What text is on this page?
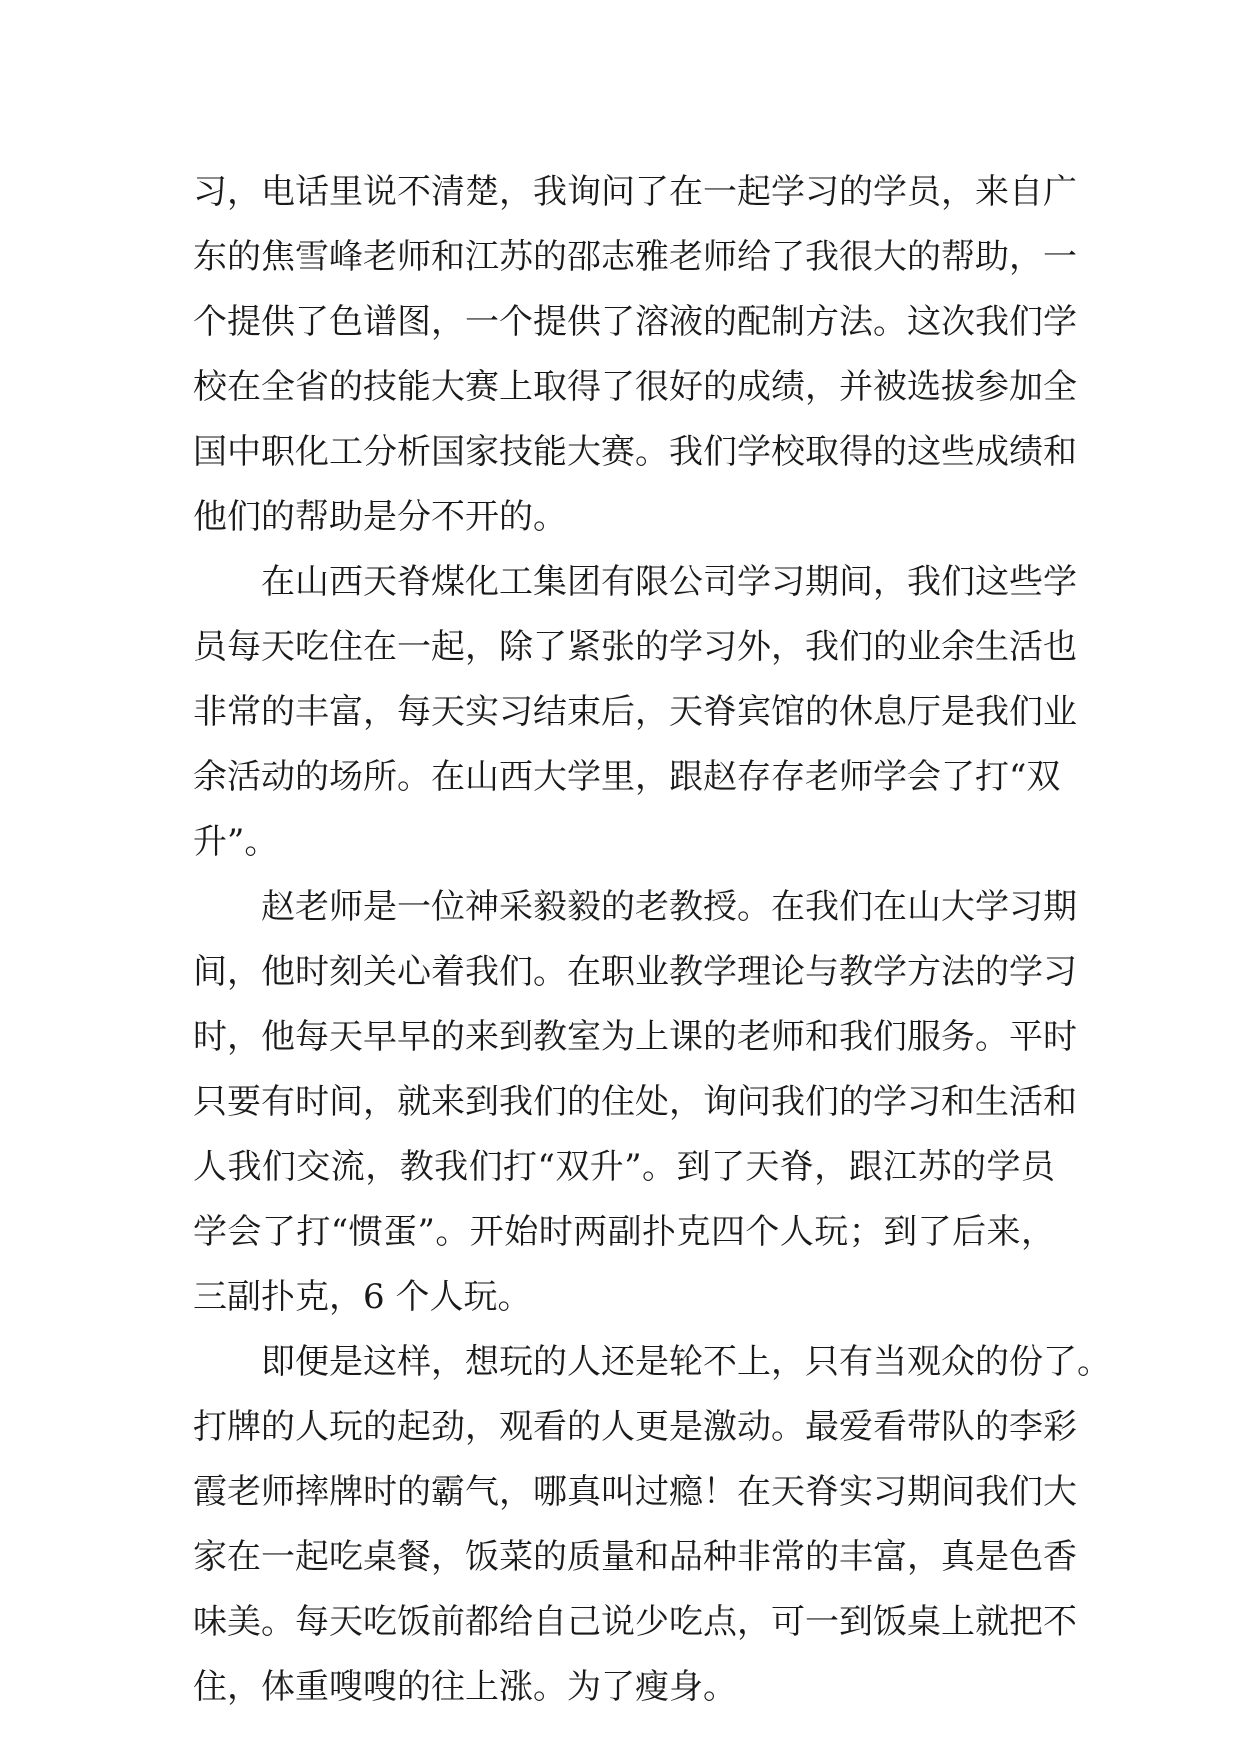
习，电话里说不清楚，我询问了在一起学习的学员，来自广
东的焦雪峰老师和江苏的邵志雅老师给了我很大的帮助，一
个提供了色谱图，一个提供了溶液的配制方法。这次我们学
校在全省的技能大赛上取得了很好的成绩，并被选拔参加全
国中职化工分析国家技能大赛。我们学校取得的这些成绩和
他们的帮助是分不开的。
在山西天脊煤化工集团有限公司学习期间，我们这些学
员每天吃住在一起，除了紧张的学习外，我们的业余生活也
非常的丰富，每天实习结束后，天脊宾馆的休息厅是我们业
余活动的场所。在山西大学里，跟赵存存老师学会了打“双
升”。
赵老师是一位神采毅毅的老教授。在我们在山大学习期
间，他时刻关心着我们。在职业教学理论与教学方法的学习
时，他每天早早的来到教室为上课的老师和我们服务。平时
只要有时间，就来到我们的住处，询问我们的学习和生活和
人我们交流，教我们打“双升”。到了天脊，跟江苏的学员
学会了打“惯蛋”。开始时两副扑克四个人玩；到了后来，
三副扑克，6 个人玩。
即便是这样，想玩的人还是轮不上，只有当观众的份了。
打牌的人玩的起劲，观看的人更是激动。最爱看带队的李彩
霞老师摔牌时的霸气，哪真叫过瘾！在天脊实习期间我们大
家在一起吃桌餐，饭菜的质量和品种非常的丰富，真是色香
味美。每天吃饭前都给自己说少吃点，可一到饭桌上就把不
住，体重嗖嗖的往上涨。为了瘦身。
